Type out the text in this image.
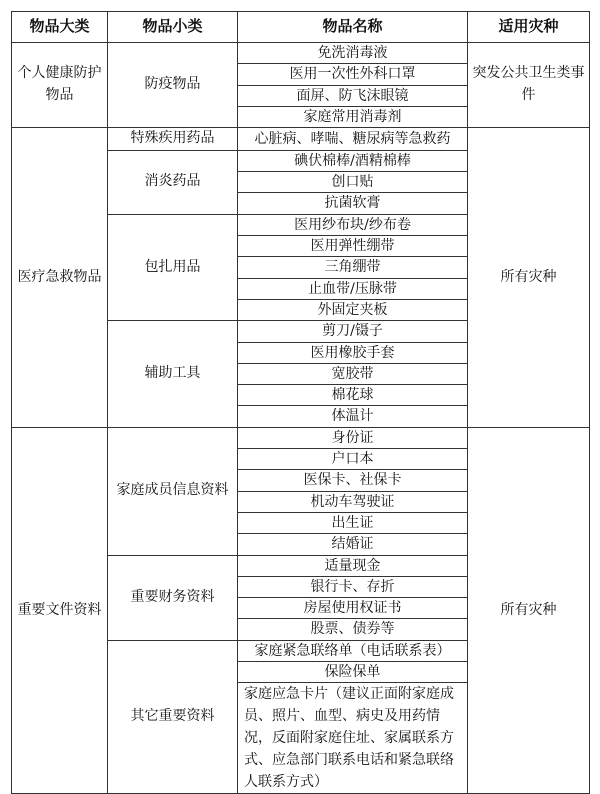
物品大类	物品小类	物品名称	适用灾种
个人健康防护物品	防疫物品	免洗消毒液	突发公共卫生类事件
		医用一次性外科口罩	
		面屏、防飞沫眼镜	
		家庭常用消毒剂	
医疗急救物品	特殊疾用药品	心脏病、哮喘、糖尿病等急救药	所有灾种
	消炎药品	碘伏棉棒/酒精棉棒	
		创口贴	
		抗菌软膏	
	包扎用品	医用纱布块/纱布卷	
		医用弹性绷带	
		三角绷带	
		止血带/压脉带	
		外固定夹板	
	辅助工具	剪刀/镊子	
		医用橡胶手套	
		宽胶带	
		棉花球	
		体温计	
重要文件资料	家庭成员信息资料	身份证	所有灾种
		户口本	
		医保卡、社保卡	
		机动车驾驶证	
		出生证	
		结婚证	
	重要财务资料	适量现金	
		银行卡、存折	
		房屋使用权证书	
		股票、债券等	
	其它重要资料	家庭紧急联络单（电话联系表）	
		保险保单	
		家庭应急卡片（建议正面附家庭成员、照片、血型、病史及用药情况，反面附家庭住址、家属联系方式、应急部门联系电话和紧急联络人联系方式）	
